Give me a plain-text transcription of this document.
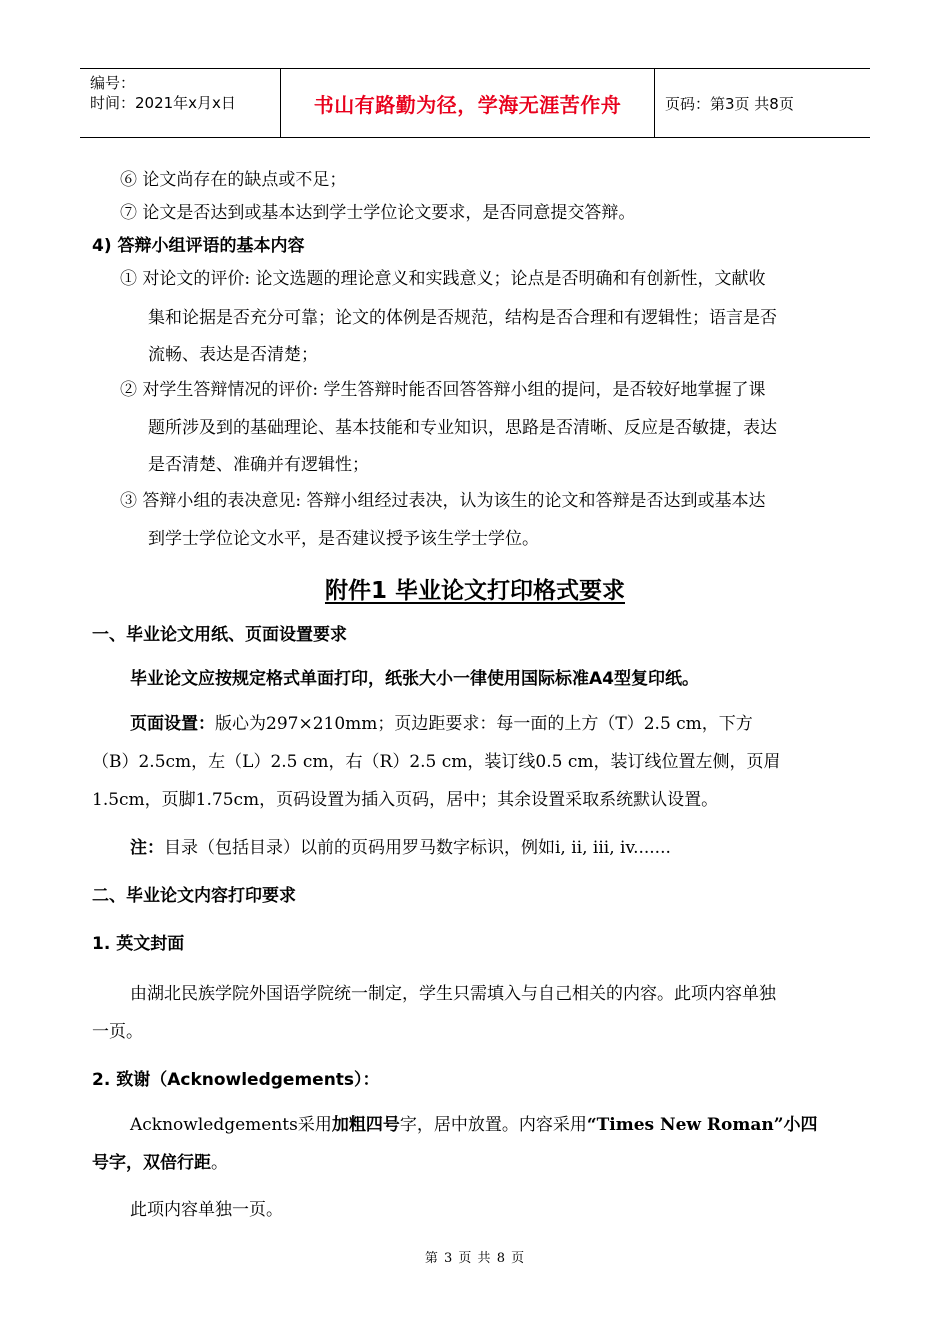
编号：
时间：2021年x月x日	书山有路勤为径，学海无涯苦作舟	页码：第3页 共8页
⑥ 论文尚存在的缺点或不足；
⑦ 论文是否达到或基本达到学士学位论文要求，是否同意提交答辩。
4) 答辩小组评语的基本内容
① 对论文的评价: 论文选题的理论意义和实践意义；论点是否明确和有创新性，文献收
集和论据是否充分可靠；论文的体例是否规范，结构是否合理和有逻辑性；语言是否
流畅、表达是否清楚；
② 对学生答辩情况的评价: 学生答辩时能否回答答辩小组的提问，是否较好地掌握了课
题所涉及到的基础理论、基本技能和专业知识，思路是否清晰、反应是否敏捷，表达
是否清楚、准确并有逻辑性；
③ 答辩小组的表决意见: 答辩小组经过表决，认为该生的论文和答辩是否达到或基本达
到学士学位论文水平，是否建议授予该生学士学位。
附件1 毕业论文打印格式要求
一、毕业论文用纸、页面设置要求
毕业论文应按规定格式单面打印，纸张大小一律使用国际标准A4型复印纸。
页面设置：版心为297×210mm；页边距要求：每一面的上方（T）2.5 cm，下方
（B）2.5cm，左（L）2.5 cm，右（R）2.5 cm，装订线0.5 cm，装订线位置左侧，页眉
1.5cm，页脚1.75cm，页码设置为插入页码，居中；其余设置采取系统默认设置。
注：目录（包括目录）以前的页码用罗马数字标识，例如i, ii, iii, iv.......
二、毕业论文内容打印要求
1. 英文封面
由湖北民族学院外国语学院统一制定，学生只需填入与自己相关的内容。此项内容单独
一页。
2. 致谢（Acknowledgements）：
Acknowledgements采用加粗四号字，居中放置。内容采用“Times New Roman”小四
号字，双倍行距。
此项内容单独一页。
第 3 页 共 8 页
